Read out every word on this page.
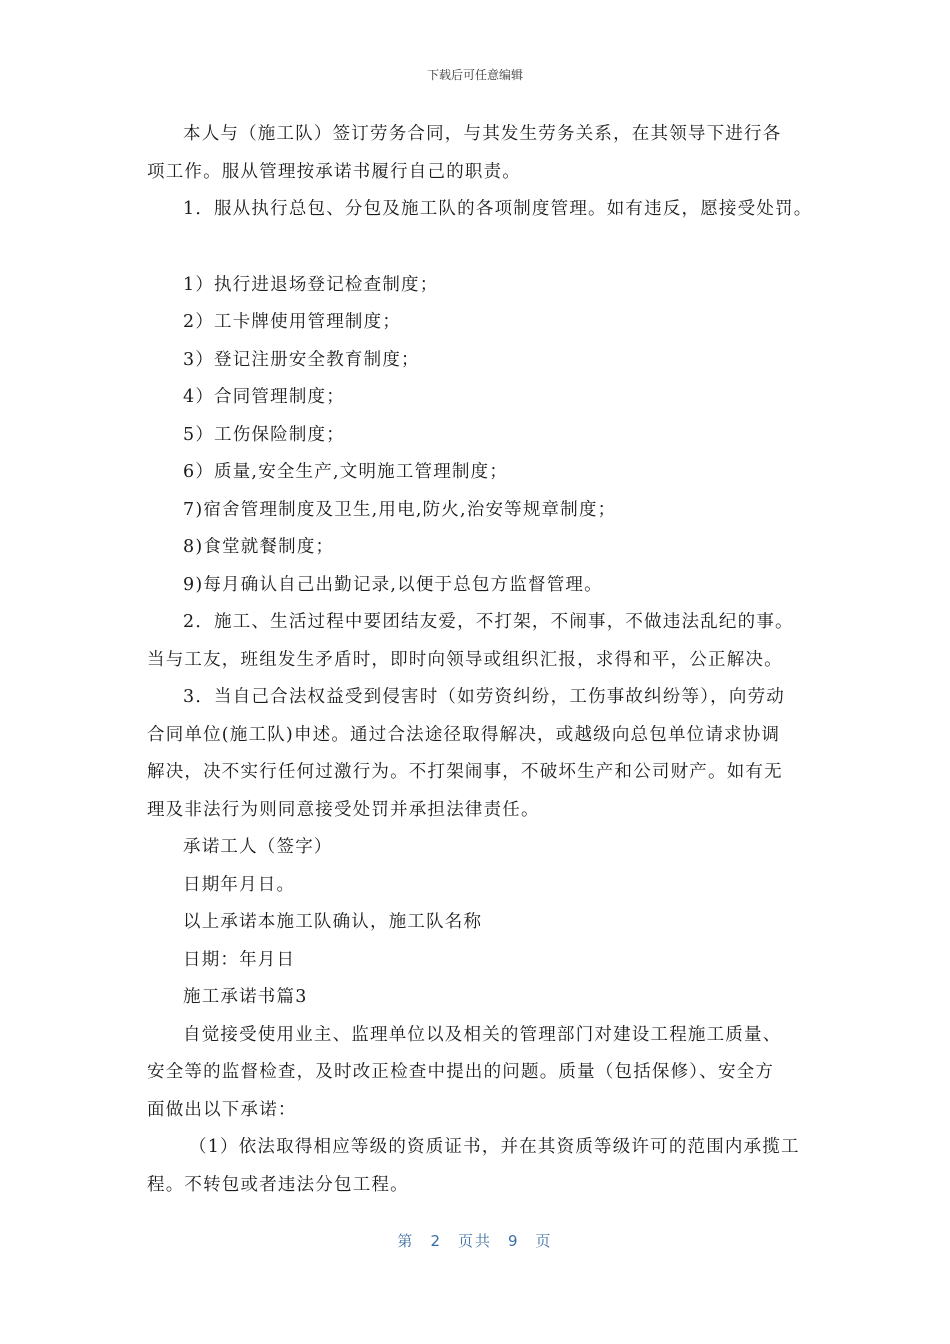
下载后可任意编辑

本人与（施工队）签订劳务合同，与其发生劳务关系，在其领导下进行各

项工作。服从管理按承诺书履行自己的职责。

1．服从执行总包、分包及施工队的各项制度管理。如有违反，愿接受处罚。

1）执行进退场登记检查制度；

2）工卡牌使用管理制度；

3）登记注册安全教育制度；

4）合同管理制度；

5）工伤保险制度；

6）质量,安全生产,文明施工管理制度；

7)宿舍管理制度及卫生,用电,防火,治安等规章制度；

8)食堂就餐制度；

9)每月确认自己出勤记录,以便于总包方监督管理。

2．施工、生活过程中要团结友爱，不打架，不闹事，不做违法乱纪的事。

当与工友，班组发生矛盾时，即时向领导或组织汇报，求得和平，公正解决。

3．当自己合法权益受到侵害时（如劳资纠纷，工伤事故纠纷等），向劳动

合同单位(施工队)申述。通过合法途径取得解决，或越级向总包单位请求协调

解决，决不实行任何过激行为。不打架闹事，不破坏生产和公司财产。如有无

理及非法行为则同意接受处罚并承担法律责任。

承诺工人（签字）

日期年月日。

以上承诺本施工队确认，施工队名称

日期：年月日

施工承诺书篇3

自觉接受使用业主、监理单位以及相关的管理部门对建设工程施工质量、

安全等的监督检查，及时改正检查中提出的问题。质量（包括保修）、安全方

面做出以下承诺：

（1）依法取得相应等级的资质证书，并在其资质等级许可的范围内承揽工

程。不转包或者违法分包工程。

第 2 页共 9 页
